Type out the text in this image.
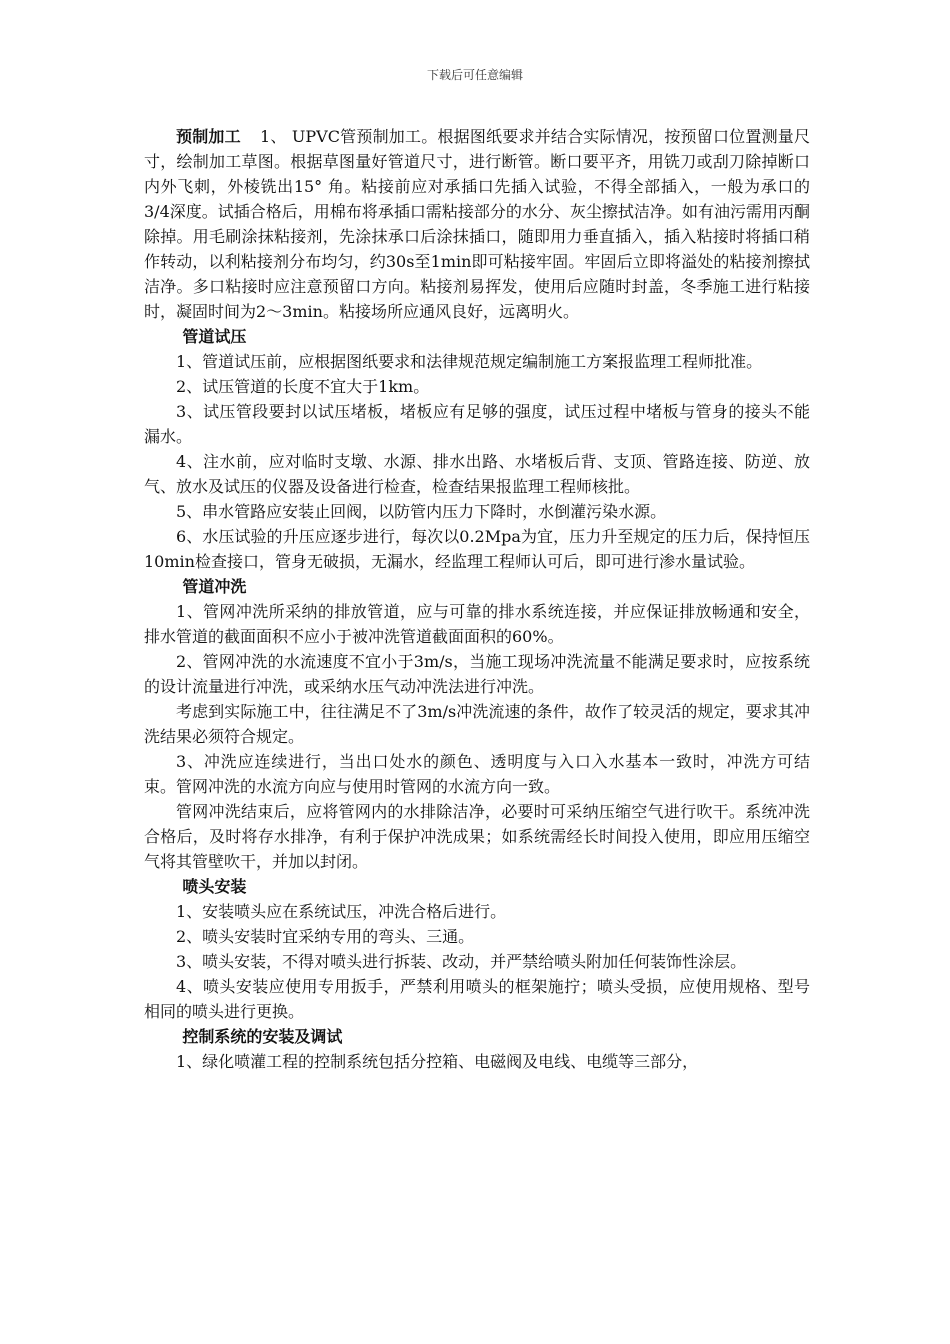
下载后可任意编辑

预制加工 1、 UPVC管预制加工。根据图纸要求并结合实际情况，按预留口位置测量尺寸，绘制加工草图。根据草图量好管道尺寸，进行断管。断口要平齐，用铣刀或刮刀除掉断口内外飞刺，外棱铣出15° 角。粘接前应对承插口先插入试验，不得全部插入，一般为承口的3/4深度。试插合格后，用棉布将承插口需粘接部分的水分、灰尘擦拭洁净。如有油污需用丙酮除掉。用毛刷涂抹粘接剂，先涂抹承口后涂抹插口，随即用力垂直插入，插入粘接时将插口稍作转动，以利粘接剂分布均匀，约30s至1min即可粘接牢固。牢固后立即将溢处的粘接剂擦拭洁净。多口粘接时应注意预留口方向。粘接剂易挥发，使用后应随时封盖，冬季施工进行粘接时，凝固时间为2～3min。粘接场所应通风良好，远离明火。

管道试压

1、管道试压前，应根据图纸要求和法律规范规定编制施工方案报监理工程师批准。

2、试压管道的长度不宜大于1km。

3、试压管段要封以试压堵板，堵板应有足够的强度，试压过程中堵板与管身的接头不能漏水。

4、注水前，应对临时支墩、水源、排水出路、水堵板后背、支顶、管路连接、防逆、放气、放水及试压的仪器及设备进行检查，检查结果报监理工程师核批。

5、串水管路应安装止回阀，以防管内压力下降时，水倒灌污染水源。

6、水压试验的升压应逐步进行，每次以0.2Mpa为宜，压力升至规定的压力后，保持恒压10min检查接口，管身无破损，无漏水，经监理工程师认可后，即可进行渗水量试验。

管道冲洗

1、管网冲洗所采纳的排放管道，应与可靠的排水系统连接，并应保证排放畅通和安全，排水管道的截面面积不应小于被冲洗管道截面面积的60%。

2、管网冲洗的水流速度不宜小于3m/s，当施工现场冲洗流量不能满足要求时，应按系统的设计流量进行冲洗，或采纳水压气动冲洗法进行冲洗。

考虑到实际施工中，往往满足不了3m/s冲洗流速的条件，故作了较灵活的规定，要求其冲洗结果必须符合规定。

3、冲洗应连续进行，当出口处水的颜色、透明度与入口入水基本一致时，冲洗方可结束。管网冲洗的水流方向应与使用时管网的水流方向一致。

管网冲洗结束后，应将管网内的水排除洁净，必要时可采纳压缩空气进行吹干。系统冲洗合格后，及时将存水排净，有利于保护冲洗成果；如系统需经长时间投入使用，即应用压缩空气将其管壁吹干，并加以封闭。

喷头安装

1、安装喷头应在系统试压，冲洗合格后进行。

2、喷头安装时宜采纳专用的弯头、三通。

3、喷头安装，不得对喷头进行拆装、改动，并严禁给喷头附加任何装饰性涂层。

4、喷头安装应使用专用扳手，严禁利用喷头的框架施拧；喷头受损，应使用规格、型号相同的喷头进行更换。

控制系统的安装及调试

1、绿化喷灌工程的控制系统包括分控箱、电磁阀及电线、电缆等三部分，
